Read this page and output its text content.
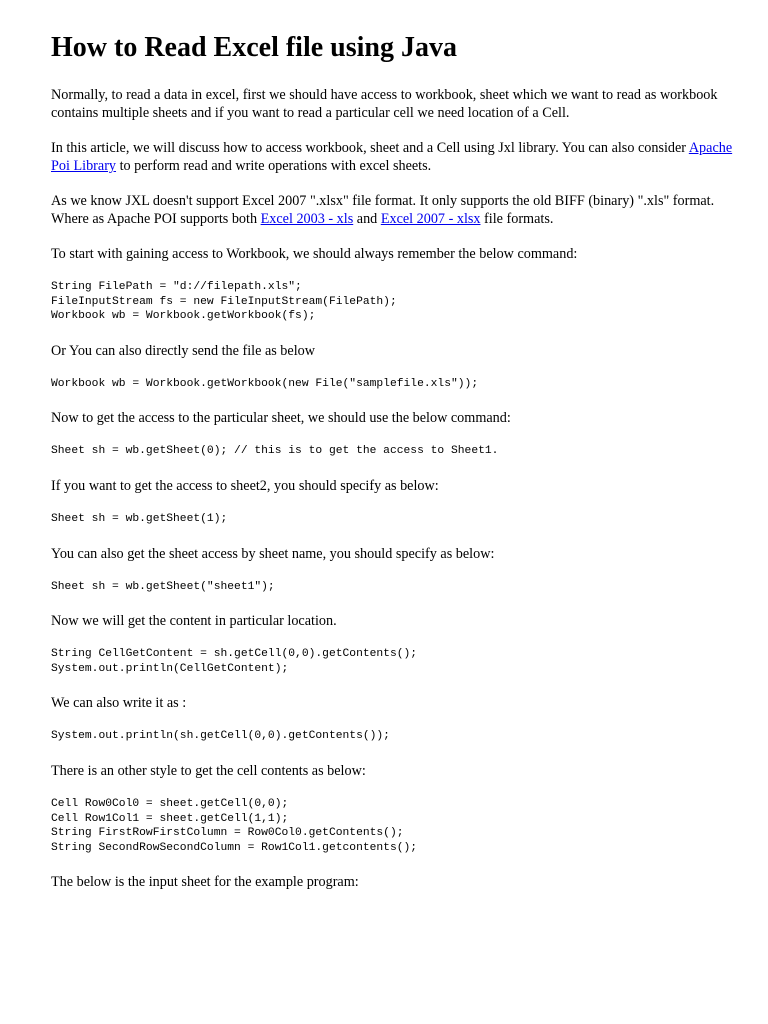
How to Read Excel file using Java

Normally, to read a data in excel, first we should have access to workbook, sheet which we want to read as workbook contains multiple sheets and if you want to read a particular cell we need location of a Cell.

In this article, we will discuss how to access workbook, sheet and a Cell using Jxl library. You can also consider Apache Poi Library to perform read and write operations with excel sheets.

As we know JXL doesn't support Excel 2007 ".xlsx" file format. It only supports the old BIFF (binary) ".xls" format. Where as Apache POI supports both Excel 2003 - xls and Excel 2007 - xlsx file formats.

To start with gaining access to Workbook, we should always remember the below command:

String FilePath = "d://filepath.xls";
FileInputStream fs = new FileInputStream(FilePath);
Workbook wb = Workbook.getWorkbook(fs);

Or You can also directly send the file as below

Workbook wb = Workbook.getWorkbook(new File("samplefile.xls"));

Now to get the access to the particular sheet, we should use the below command:

Sheet sh = wb.getSheet(0); // this is to get the access to Sheet1.

If you want to get the access to sheet2, you should specify as below:

Sheet sh = wb.getSheet(1);

You can also get the sheet access by sheet name, you should specify as below:

Sheet sh = wb.getSheet("sheet1");

Now we will get the content in particular location.

String CellGetContent = sh.getCell(0,0).getContents();
System.out.println(CellGetContent);

We can also write it as :

System.out.println(sh.getCell(0,0).getContents());

There is an other style to get the cell contents as below:

Cell Row0Col0 = sheet.getCell(0,0);
Cell Row1Col1 = sheet.getCell(1,1);
String FirstRowFirstColumn = Row0Col0.getContents();
String SecondRowSecondColumn = Row1Col1.getcontents();

The below is the input sheet for the example program:
